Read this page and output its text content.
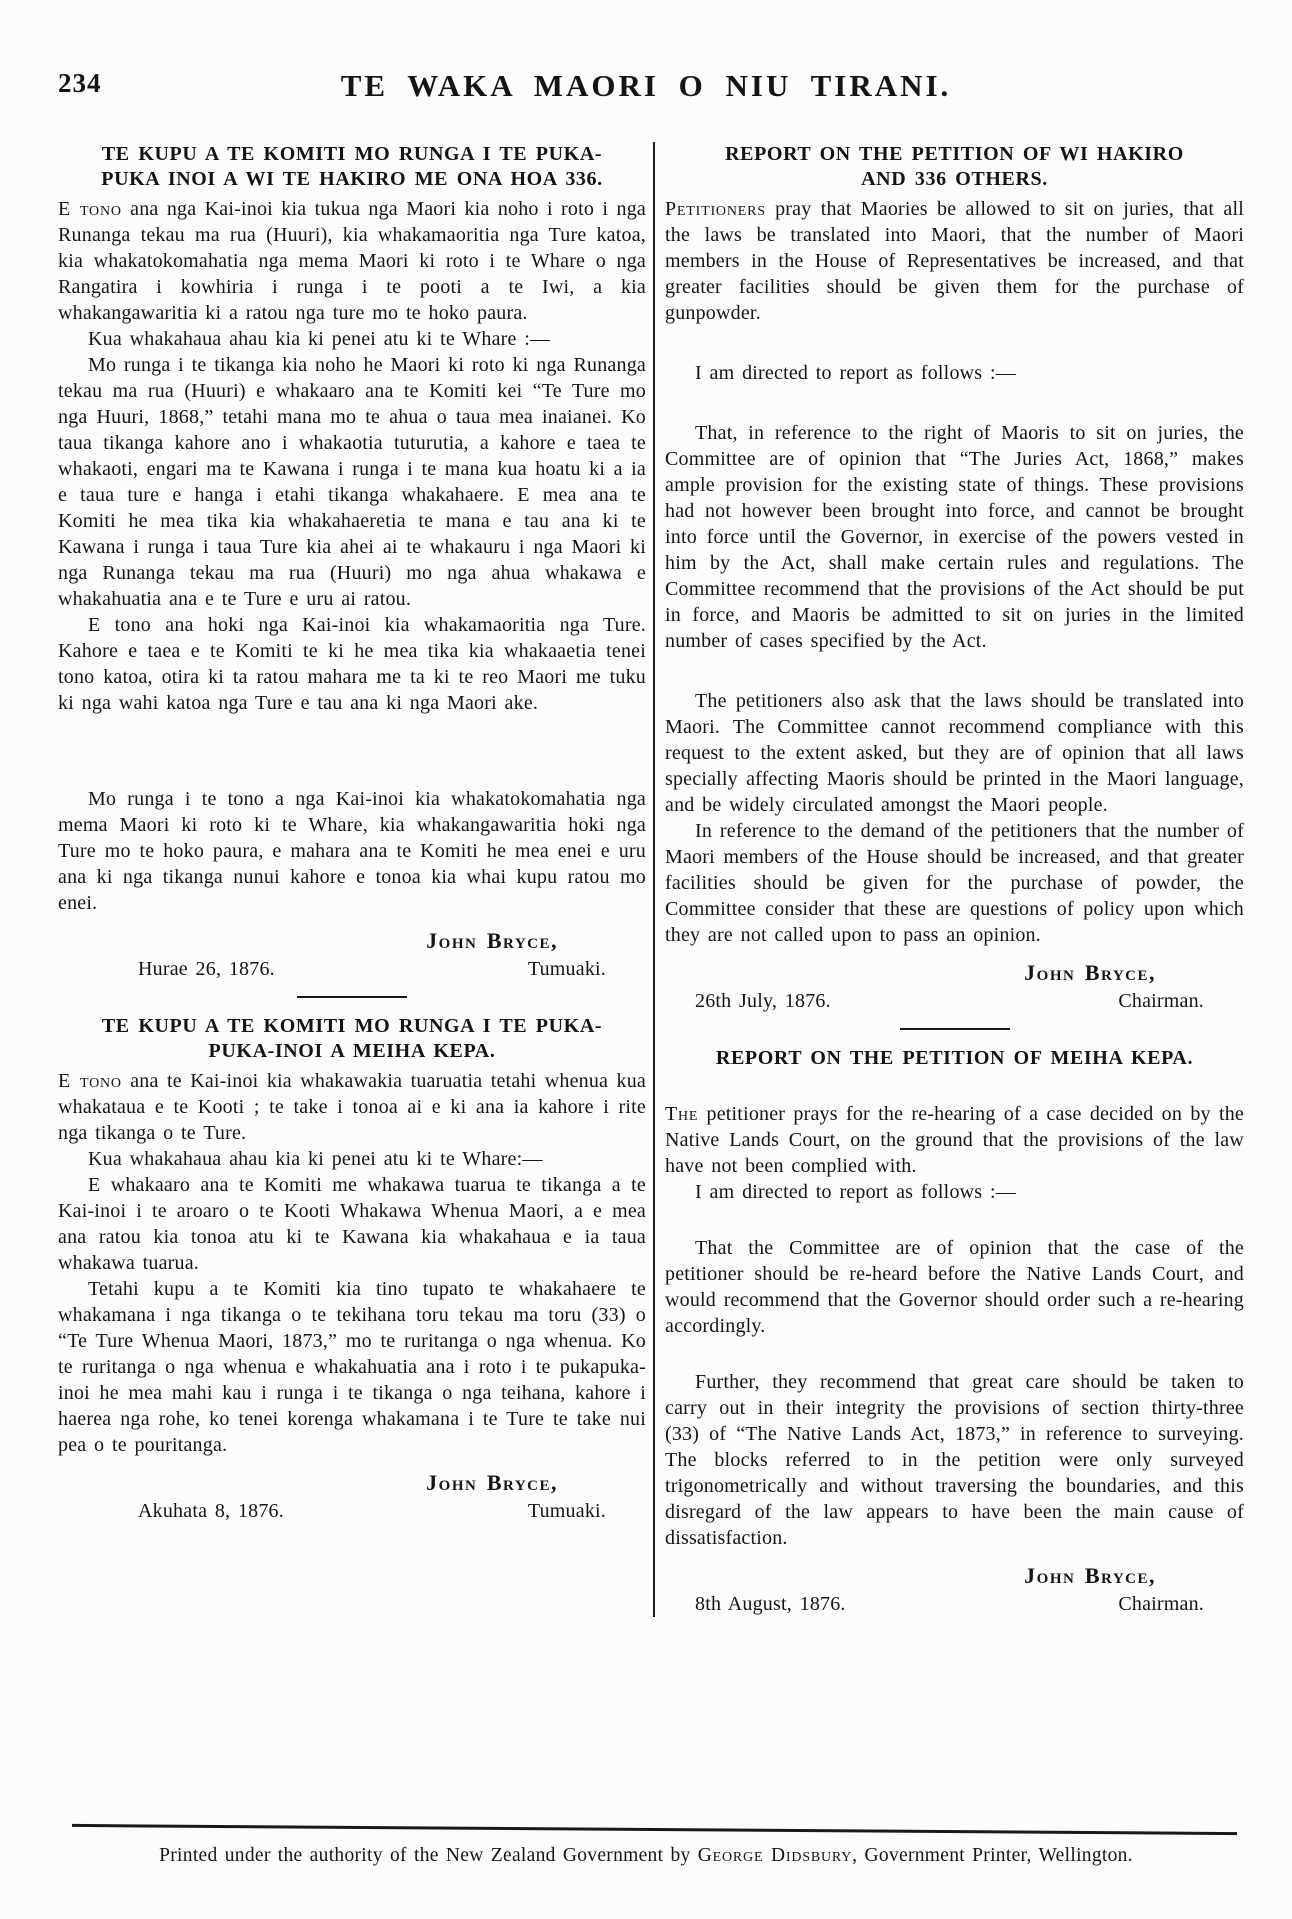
234	TE WAKA MAORI O NIU TIRANI.
TE KUPU A TE KOMITI MO RUNGA I TE PUKA-
PUKA INOI A WI TE HAKIRO ME ONA HOA 336.

E tono ana nga Kai-inoi kia tukua nga Maori kia noho i roto i nga Runanga tekau ma rua (Huuri), kia whakamaoritia nga Ture katoa, kia whakatokomahatia nga mema Maori ki roto i te Whare o nga Rangatira i kowhiria i runga i te pooti a te Iwi, a kia whakangawaritia ki a ratou nga ture mo te hoko paura.

Kua whakahaua ahau kia ki penei atu ki te Whare :—

Mo runga i te tikanga kia noho he Maori ki roto ki nga Runanga tekau ma rua (Huuri) e whakaaro ana te Komiti kei “Te Ture mo nga Huuri, 1868,” tetahi mana mo te ahua o taua mea inaianei. Ko taua tikanga kahore ano i whakaotia tuturutia, a kahore e taea te whakaoti, engari ma te Kawana i runga i te mana kua hoatu ki a ia e taua ture e hanga i etahi tikanga whakahaere. E mea ana te Komiti he mea tika kia whakahaeretia te mana e tau ana ki te Kawana i runga i taua Ture kia ahei ai te whakauru i nga Maori ki nga Runanga tekau ma rua (Huuri) mo nga ahua whakawa e whakahuatia ana e te Ture e uru ai ratou.

E tono ana hoki nga Kai-inoi kia whakamaoritia nga Ture. Kahore e taea e te Komiti te ki he mea tika kia whakaaetia tenei tono katoa, otira ki ta ratou mahara me ta ki te reo Maori me tuku ki nga wahi katoa nga Ture e tau ana ki nga Maori ake.

Mo runga i te tono a nga Kai-inoi kia whakatokomahatia nga mema Maori ki roto ki te Whare, kia whakangawaritia hoki nga Ture mo te hoko paura, e mahara ana te Komiti he mea enei e uru ana ki nga tikanga nunui kahore e tonoa kia whai kupu ratou mo enei.

John Bryce,
Hurae 26, 1876.	Tumuaki.
TE KUPU A TE KOMITI MO RUNGA I TE PUKA-
PUKA-INOI A MEIHA KEPA.

E tono ana te Kai-inoi kia whakawakia tuaruatia tetahi whenua kua whakataua e te Kooti ; te take i tonoa ai e ki ana ia kahore i rite nga tikanga o te Ture.

Kua whakahaua ahau kia ki penei atu ki te Whare:—

E whakaaro ana te Komiti me whakawa tuarua te tikanga a te Kai-inoi i te aroaro o te Kooti Whakawa Whenua Maori, a e mea ana ratou kia tonoa atu ki te Kawana kia whakahaua e ia taua whakawa tuarua.

Tetahi kupu a te Komiti kia tino tupato te whakahaere te whakamana i nga tikanga o te tekihana toru tekau ma toru (33) o “Te Ture Whenua Maori, 1873,” mo te ruritanga o nga whenua. Ko te ruritanga o nga whenua e whakahuatia ana i roto i te pukapuka-inoi he mea mahi kau i runga i te tikanga o nga teihana, kahore i haerea nga rohe, ko tenei korenga whakamana i te Ture te take nui pea o te pouritanga.

John Bryce,
Akuhata 8, 1876.	Tumuaki.
REPORT ON THE PETITION OF WI HAKIRO
AND 336 OTHERS.

Petitioners pray that Maories be allowed to sit on juries, that all the laws be translated into Maori, that the number of Maori members in the House of Representatives be increased, and that greater facilities should be given them for the purchase of gunpowder.

I am directed to report as follows :—

That, in reference to the right of Maoris to sit on juries, the Committee are of opinion that “The Juries Act, 1868,” makes ample provision for the existing state of things. These provisions had not however been brought into force, and cannot be brought into force until the Governor, in exercise of the powers vested in him by the Act, shall make certain rules and regulations. The Committee recommend that the provisions of the Act should be put in force, and Maoris be admitted to sit on juries in the limited number of cases specified by the Act.

The petitioners also ask that the laws should be translated into Maori. The Committee cannot recommend compliance with this request to the extent asked, but they are of opinion that all laws specially affecting Maoris should be printed in the Maori language, and be widely circulated amongst the Maori people.

In reference to the demand of the petitioners that the number of Maori members of the House should be increased, and that greater facilities should be given for the purchase of powder, the Committee consider that these are questions of policy upon which they are not called upon to pass an opinion.

John Bryce,
26th July, 1876.	Chairman.
REPORT ON THE PETITION OF MEIHA KEPA.

The petitioner prays for the re-hearing of a case decided on by the Native Lands Court, on the ground that the provisions of the law have not been complied with.

I am directed to report as follows :—

That the Committee are of opinion that the case of the petitioner should be re-heard before the Native Lands Court, and would recommend that the Governor should order such a re-hearing accordingly.

Further, they recommend that great care should be taken to carry out in their integrity the provisions of section thirty-three (33) of “The Native Lands Act, 1873,” in reference to surveying. The blocks referred to in the petition were only surveyed trigonometrically and without traversing the boundaries, and this disregard of the law appears to have been the main cause of dissatisfaction.

John Bryce,
8th August, 1876.	Chairman.

Printed under the authority of the New Zealand Government by George Didsbury, Government Printer, Wellington.
